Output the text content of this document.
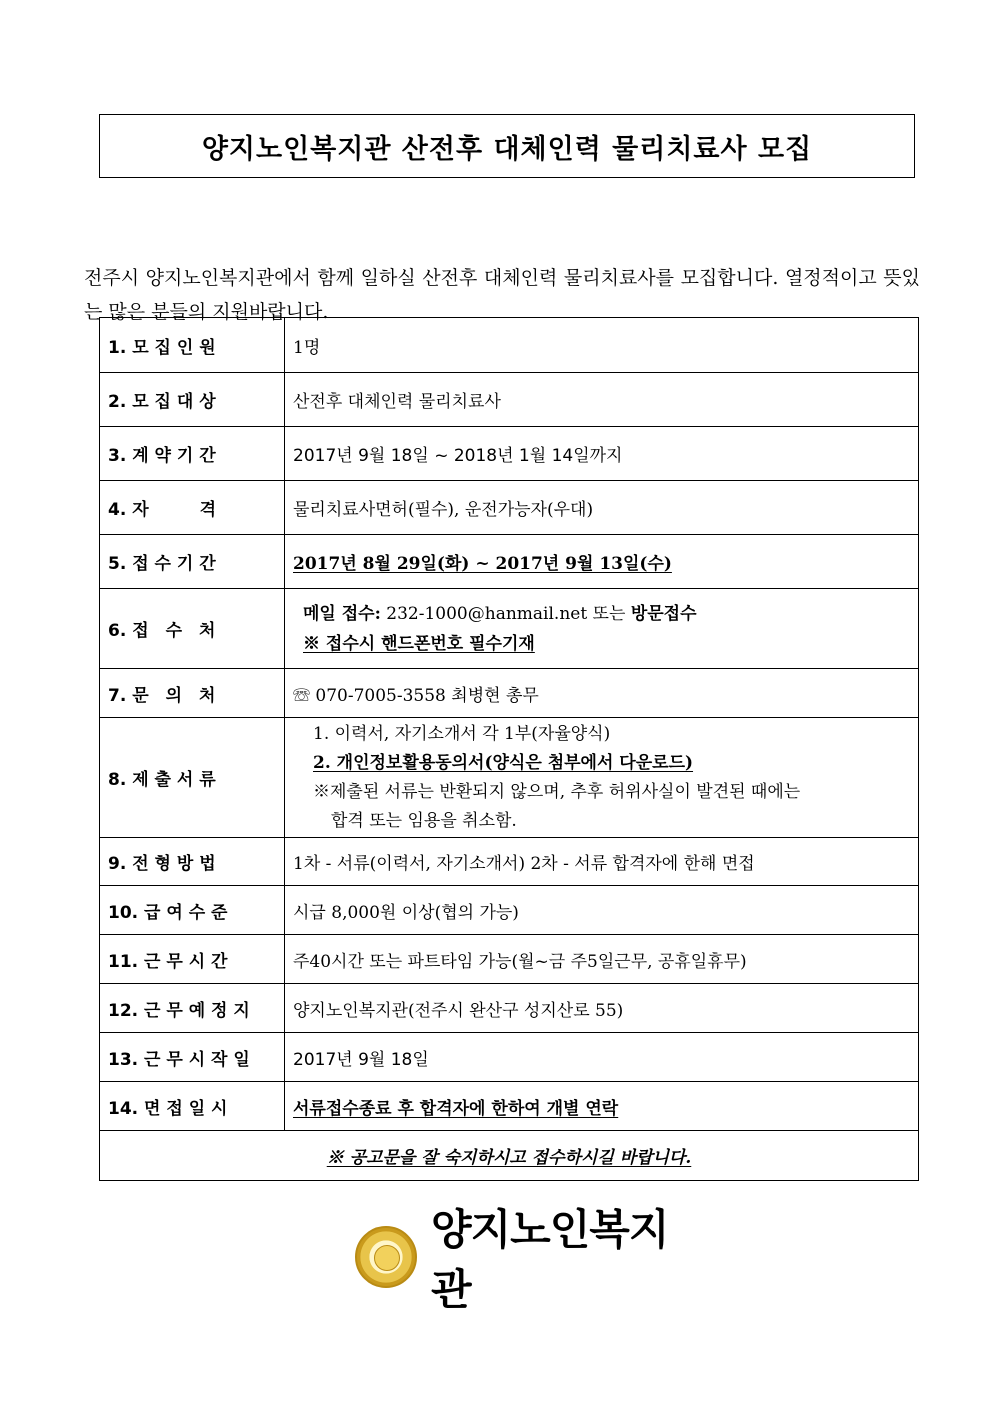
양지노인복지관 산전후 대체인력 물리치료사 모집

전주시 양지노인복지관에서 함께 일하실 산전후 대체인력 물리치료사를 모집합니다. 열정적이고 뜻있는 많은 분들의 지원바랍니다.

1. 모 집 인 원	1명
2. 모 집 대 상	산전후 대체인력 물리치료사
3. 계 약 기 간	2017년 9월 18일 ~ 2018년 1월 14일까지
4. 자　　　격	물리치료사면허(필수), 운전가능자(우대)
5. 접 수 기 간	2017년 8월 29일(화) ~ 2017년 9월 13일(수)
6. 접　수　처	메일 접수: 232-1000@hanmail.net 또는 방문접수
※ 접수시 핸드폰번호 필수기재

7. 문　의　처	☏ 070-7005-3558 최병현 총무
8. 제 출 서 류	1. 이력서, 자기소개서 각 1부(자율양식)
2. 개인정보활용동의서(양식은 첨부에서 다운로드)
※제출된 서류는 반환되지 않으며, 추후 허위사실이 발견된 때에는
합격 또는 임용을 취소함.

9. 전 형 방 법	1차 - 서류(이력서, 자기소개서) 2차 - 서류 합격자에 한해 면접
10. 급 여 수 준	시급 8,000원 이상(협의 가능)
11. 근 무 시 간	주40시간 또는 파트타임 가능(월~금 주5일근무, 공휴일휴무)
12. 근 무 예 정 지	양지노인복지관(전주시 완산구 성지산로 55)
13. 근 무 시 작 일	2017년 9월 18일
14. 면 접 일 시	서류접수종료 후 합격자에 한하여 개별 연락
※ 공고문을 잘 숙지하시고 접수하시길 바랍니다.	
양지노인복지관
